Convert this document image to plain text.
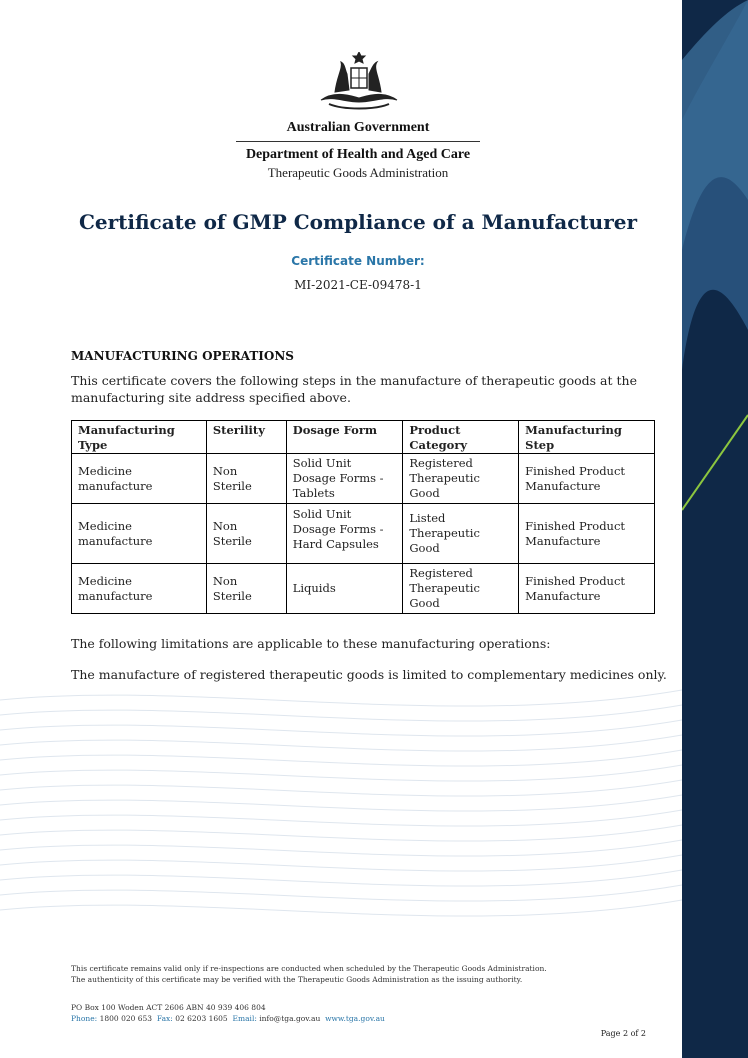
Australian Government
Department of Health and Aged Care
Therapeutic Goods Administration
Certificate of GMP Compliance of a Manufacturer
Certificate Number:
MI-2021-CE-09478-1
MANUFACTURING OPERATIONS
This certificate covers the following steps in the manufacture of therapeutic goods at the manufacturing site address specified above.
Manufacturing Type	Sterility	Dosage Form	Product Category	Manufacturing Step
Medicine manufacture	Non Sterile	Solid Unit Dosage Forms - Tablets	Registered Therapeutic Good	Finished Product Manufacture
Medicine manufacture	Non Sterile	Solid Unit Dosage Forms - Hard Capsules	Listed Therapeutic Good	Finished Product Manufacture
Medicine manufacture	Non Sterile	Liquids	Registered Therapeutic Good	Finished Product Manufacture
The following limitations are applicable to these manufacturing operations:
The manufacture of registered therapeutic goods is limited to complementary medicines only.
This certificate remains valid only if re-inspections are conducted when scheduled by the Therapeutic Goods Administration.
The authenticity of this certificate may be verified with the Therapeutic Goods Administration as the issuing authority.
PO Box 100 Woden ACT 2606 ABN 40 939 406 804
Phone: 1800 020 653 Fax: 02 6203 1605 Email: info@tga.gov.au www.tga.gov.au
Page 2 of 2
